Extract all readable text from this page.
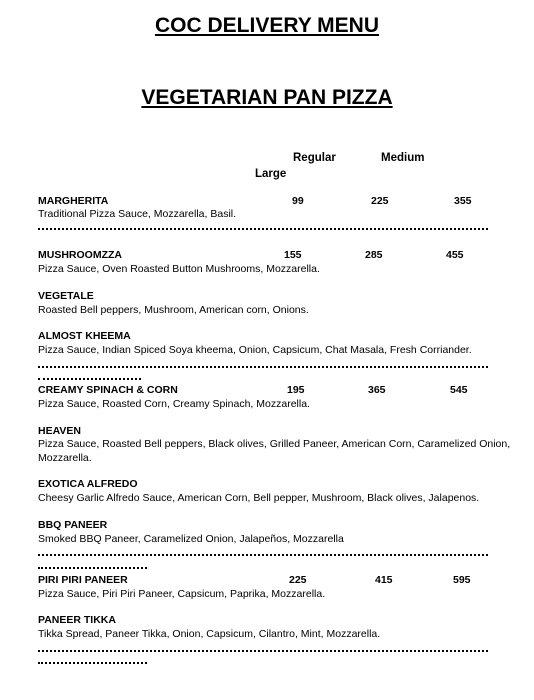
COC DELIVERY MENU
VEGETARIAN PAN PIZZA
Regular	Medium
Large
MARGHERITA	99	225	355
Traditional Pizza Sauce, Mozzarella, Basil.
MUSHROOMZZA	155	285	455
Pizza Sauce, Oven Roasted Button Mushrooms, Mozzarella.
VEGETALE
Roasted Bell peppers, Mushroom, American corn, Onions.
ALMOST KHEEMA
Pizza Sauce, Indian Spiced Soya kheema, Onion, Capsicum, Chat Masala, Fresh Corriander.
CREAMY SPINACH & CORN	195	365	545
Pizza Sauce, Roasted Corn, Creamy Spinach, Mozzarella.
HEAVEN
Pizza Sauce, Roasted Bell peppers, Black olives, Grilled Paneer, American Corn, Caramelized Onion,
Mozzarella.
EXOTICA ALFREDO
Cheesy Garlic Alfredo Sauce, American Corn, Bell pepper, Mushroom, Black olives, Jalapenos.
BBQ PANEER
Smoked BBQ Paneer, Caramelized Onion, Jalapeños, Mozzarella
PIRI PIRI PANEER	225	415	595
Pizza Sauce, Piri Piri Paneer, Capsicum, Paprika, Mozzarella.
PANEER TIKKA
Tikka Spread, Paneer Tikka, Onion, Capsicum, Cilantro, Mint, Mozzarella.
